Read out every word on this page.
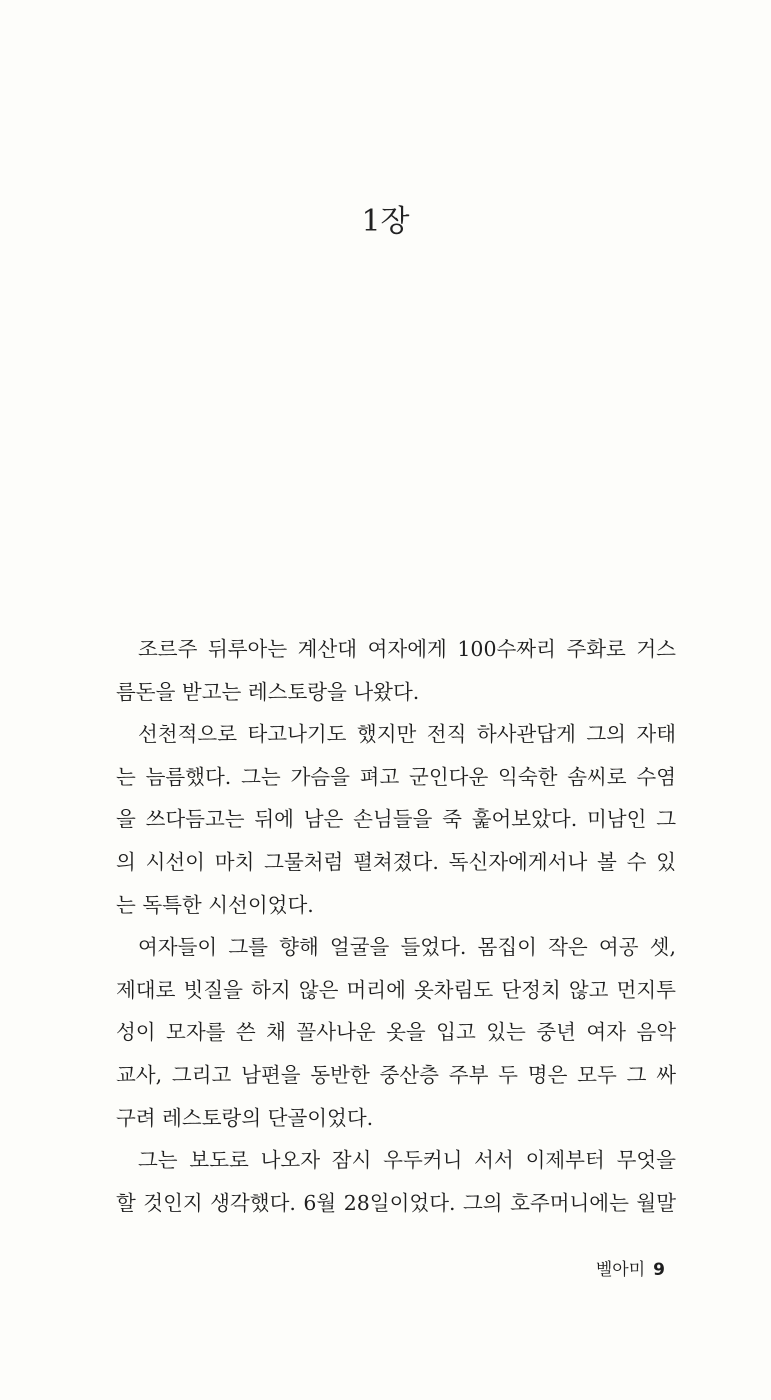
1장

조르주 뒤루아는 계산대 여자에게 100수짜리 주화로 거스
름돈을 받고는 레스토랑을 나왔다.

선천적으로 타고나기도 했지만 전직 하사관답게 그의 자태
는 늠름했다. 그는 가슴을 펴고 군인다운 익숙한 솜씨로 수염
을 쓰다듬고는 뒤에 남은 손님들을 죽 훑어보았다. 미남인 그
의 시선이 마치 그물처럼 펼쳐졌다. 독신자에게서나 볼 수 있
는 독특한 시선이었다.

여자들이 그를 향해 얼굴을 들었다. 몸집이 작은 여공 셋,
제대로 빗질을 하지 않은 머리에 옷차림도 단정치 않고 먼지투
성이 모자를 쓴 채 꼴사나운 옷을 입고 있는 중년 여자 음악
교사, 그리고 남편을 동반한 중산층 주부 두 명은 모두 그 싸
구려 레스토랑의 단골이었다.

그는 보도로 나오자 잠시 우두커니 서서 이제부터 무엇을
할 것인지 생각했다. 6월 28일이었다. 그의 호주머니에는 월말

벨아미 9
